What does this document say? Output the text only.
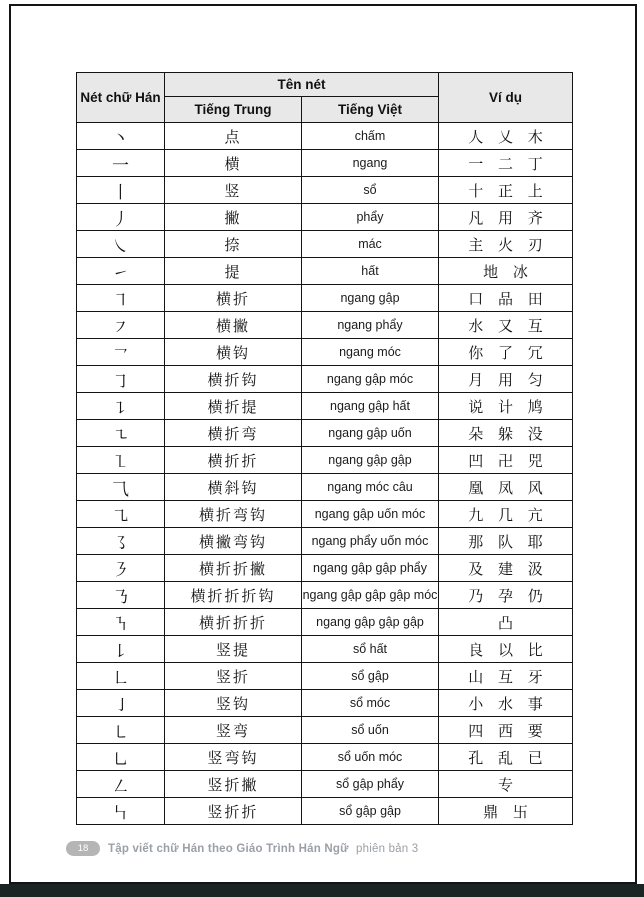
Nét chữ Hán	Tên nét		Ví dụ
	Tiếng Trung	Tiếng Việt	
丶	点	chấm	人 乂 木
一	横	ngang	一 二 丁
丨	竖	sổ	十 正 上
丿	撇	phẩy	凡 用 齐
㇏	捺	mác	主 火 刃
㇀	提	hất	地 冰
㇕	横折	ngang gập	口 品 田
㇇	横撇	ngang phẩy	水 又 互
㇖	横钩	ngang móc	你 了 冗
㇆	横折钩	ngang gập móc	月 用 匀
㇊	横折提	ngang gập hất	说 计 鸠
㇍	横折弯	ngang gập uốn	朵 躲 没
㇅	横折折	ngang gập gập	凹 卍 兕
⺄	横斜钩	ngang móc câu	凰 凤 风
㇈	横折弯钩	ngang gập uốn móc	九 几 亢
㇌	横撇弯钩	ngang phẩy uốn móc	那 队 耶
㇋	横折折撇	ngang gập gập phẩy	及 建 汲
㇡	横折折折钩	ngang gập gập gập móc	乃 孕 仍
㇎	横折折折	ngang gập gập gập	凸
㇙	竖提	sổ hất	良 以 比
㇗	竖折	sổ gập	山 互 牙
㇚	竖钩	sổ móc	小 水 事
㇄	竖弯	sổ uốn	四 西 要
㇟	竖弯钩	sổ uốn móc	孔 乱 已
㇜	竖折撇	sổ gập phẩy	专
㇞	竖折折	sổ gập gập	鼎 卐
18	Tập viết chữ Hán theo Giáo Trình Hán Ngữ phiên bản 3
